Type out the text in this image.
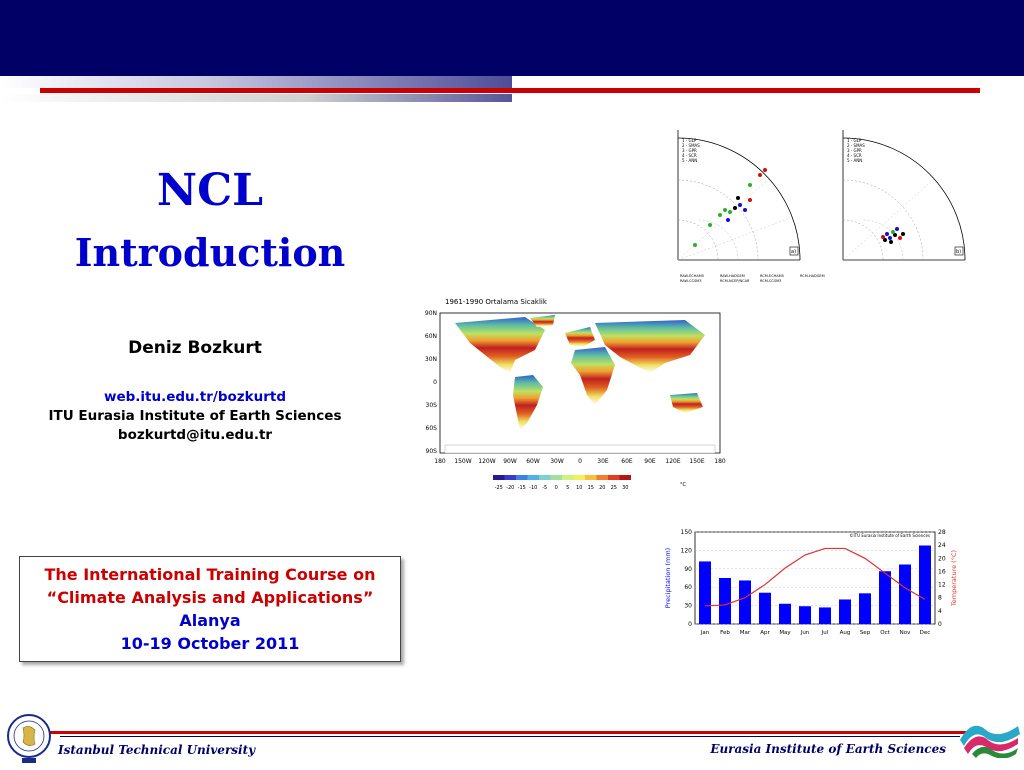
NCL
Introduction
Deniz Bozkurt
web.itu.edu.tr/bozkurtd
ITU Eurasia Institute of Earth Sciences
bozkurtd@itu.edu.tr
The International Training Course on
“Climate Analysis and Applications”
Alanya
10-19 October 2011
1 - GLP
2 - SMAS
3 - GPR
4 - SCR
5 - ANN
a)
1 - GLP
2 - SMAS
3 - GPR
4 - SCR
5 - ANN
b)
RAW-ECHAM5	RAW-HADGEM	RCM-ECHAM5	RCM-HADGEM
RAW-CCSM3	RCM-NCEP/NCAR	RCM-CCSM3
1961-1990 Ortalama Sicaklik
90N
60N
30N
0
30S
60S
90S
180 150W 120W 90W 60W 30W 0	30E 60E 90E 120E 150E 180
-25 -20 -15 -10 -5 0 5 10 15 20 25 30	°C
©ITU Eurasia Institute of Earth Sciences
150
120
90
60
30
0
28
24
20
16
12
8
4
0
Jan Feb Mar Apr May Jun Jul Aug Sep Oct Nov Dec
Precipitation (mm)	Temperature (°C)
Istanbul Technical University	Eurasia Institute of Earth Sciences
